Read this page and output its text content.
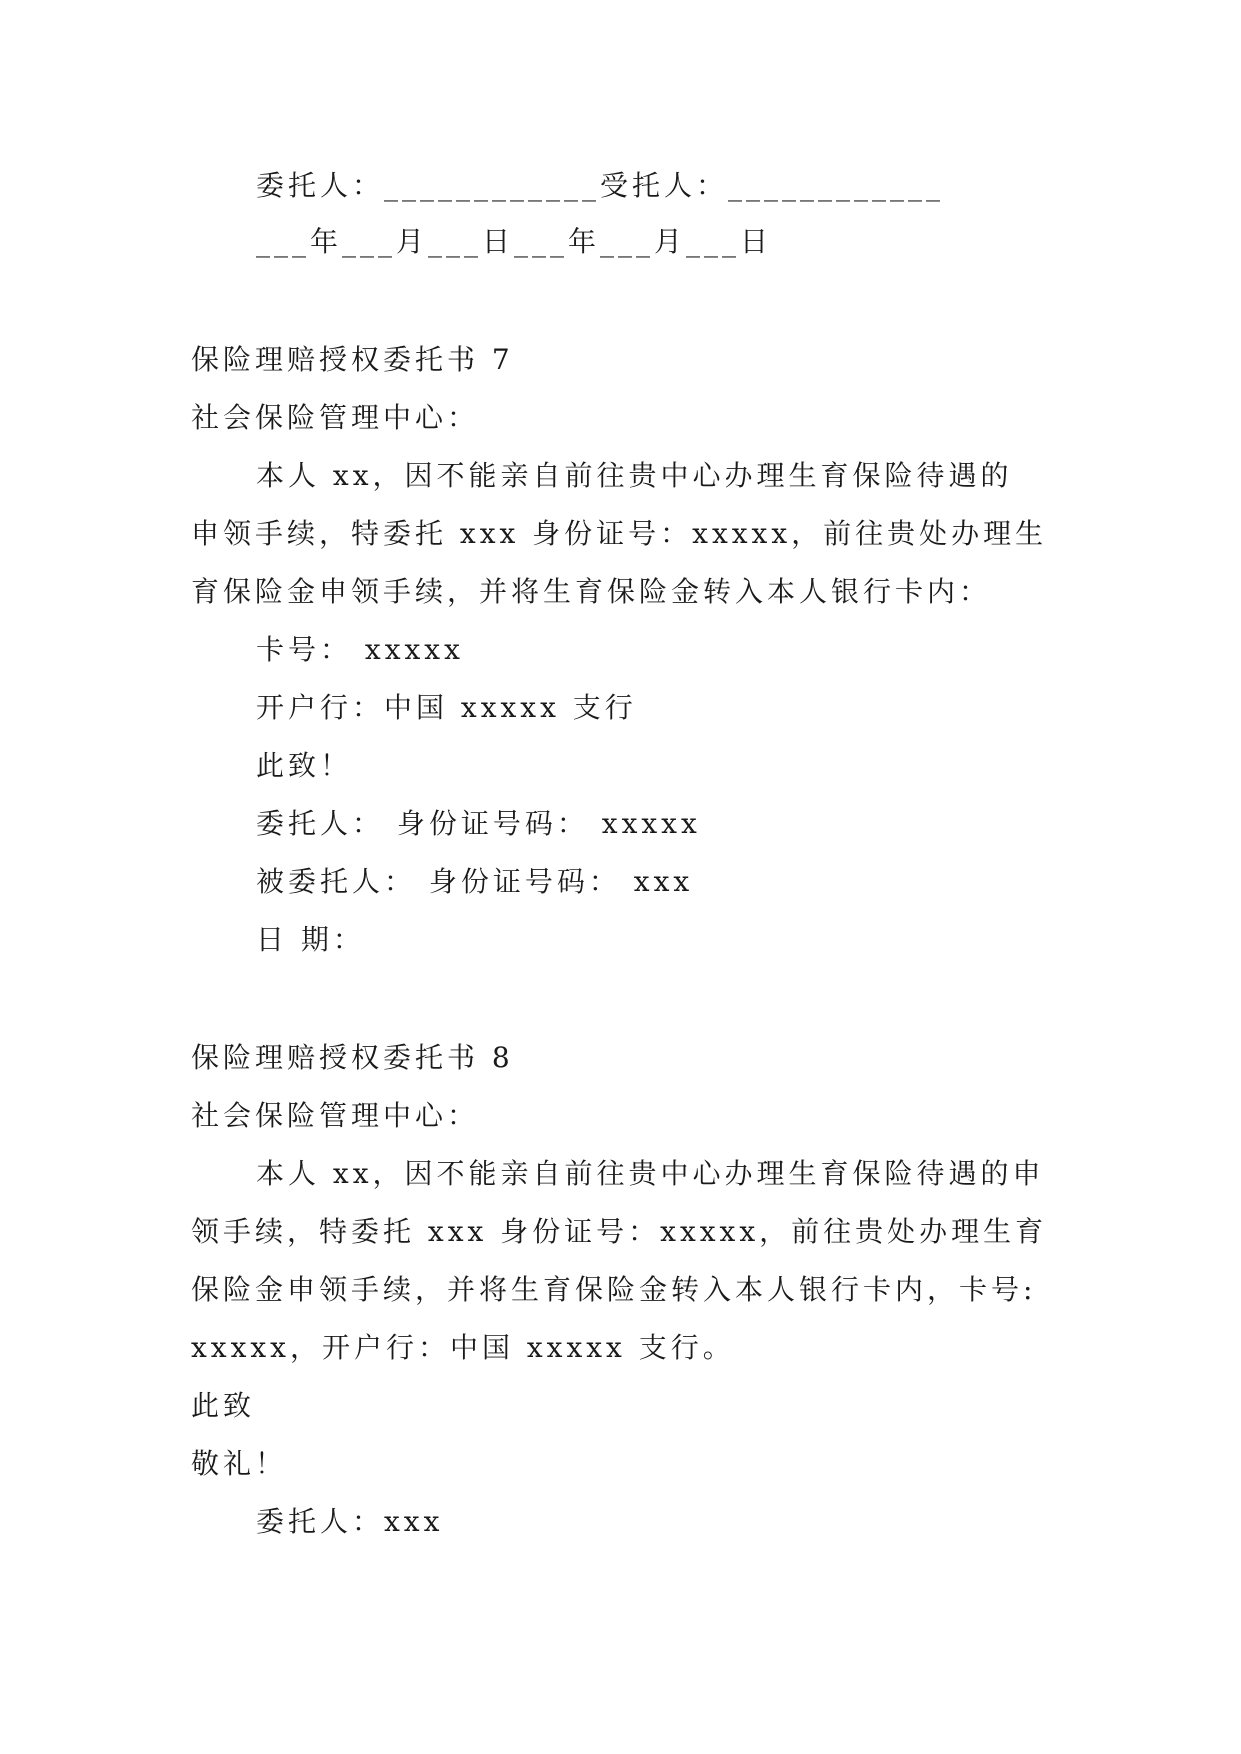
委托人：____________受托人：____________
___年___月___日___年___月___日
保险理赔授权委托书 7
社会保险管理中心：
本人 xx，因不能亲自前往贵中心办理生育保险待遇的
申领手续，特委托 xxx 身份证号：xxxxx，前往贵处办理生
育保险金申领手续，并将生育保险金转入本人银行卡内：
卡号： xxxxx
开户行：中国 xxxxx 支行
此致！
委托人： 身份证号码： xxxxx
被委托人： 身份证号码： xxx
日 期：
保险理赔授权委托书 8
社会保险管理中心：
本人 xx，因不能亲自前往贵中心办理生育保险待遇的申
领手续，特委托 xxx 身份证号：xxxxx，前往贵处办理生育
保险金申领手续，并将生育保险金转入本人银行卡内，卡号:
xxxxx，开户行：中国 xxxxx 支行。
此致
敬礼！
委托人：xxx
